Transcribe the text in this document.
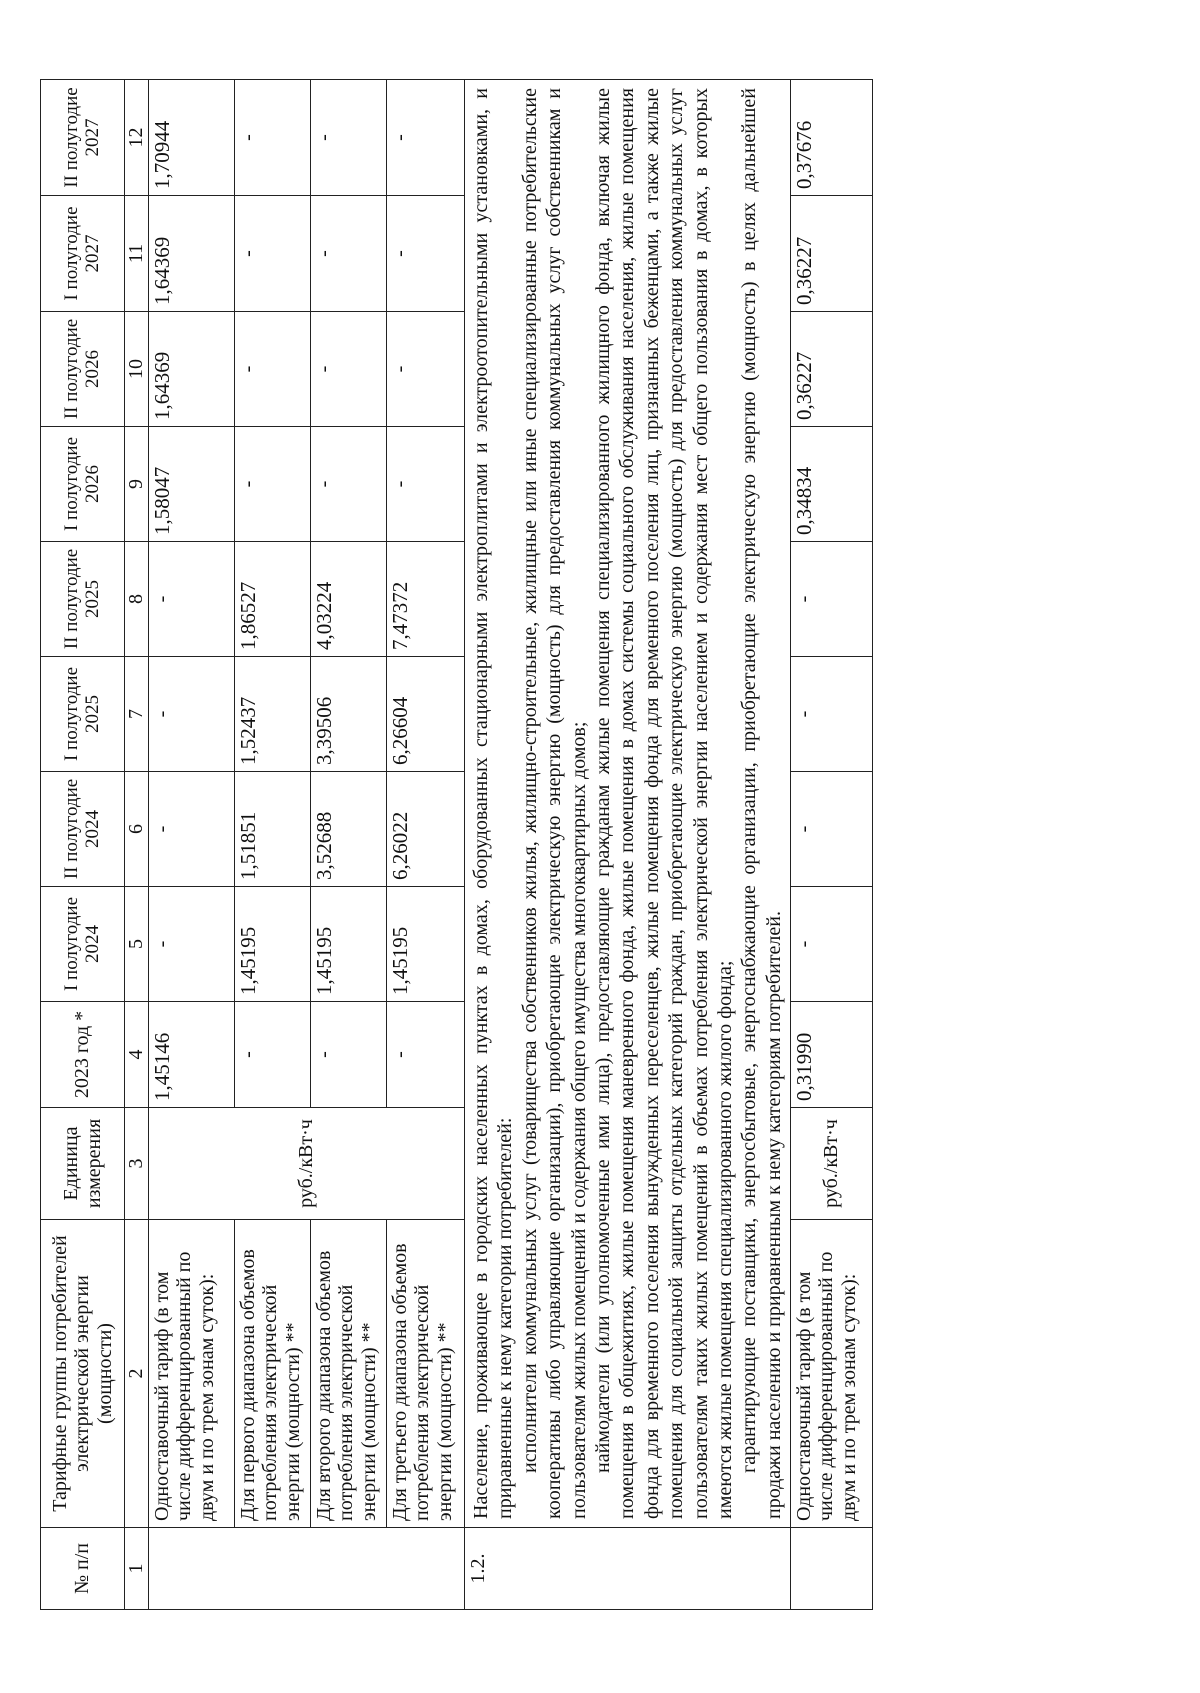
№ п/п	Тарифные группы потребителей электрической энергии (мощности)	Единица измерения	2023 год *	I полугодие 2024	II полугодие 2024	I полугодие 2025	II полугодие 2025	I полугодие 2026	II полугодие 2026	I полугодие 2027	II полугодие 2027
1	2	3	4	5	6	7	8	9	10	11	12
	Одноставочный тариф (в том числе дифференцированный по двум и по трем зонам суток):	руб./кВт·ч	1,45146	-	-	-	-	1,58047	1,64369	1,64369	1,70944
	Для первого диапазона объемов потребления электрической энергии (мощности) **		-	1,45195	1,51851	1,52437	1,86527	-	-	-	-
	Для второго диапазона объемов потребления электрической энергии (мощности) **		-	1,45195	3,52688	3,39506	4,03224	-	-	-	-
	Для третьего диапазона объемов потребления электрической энергии (мощности) **		-	1,45195	6,26022	6,26604	7,47372	-	-	-	-
1.2.	Население, проживающее в городских населенных пунктах в домах, оборудованных стационарными электроплитами и электроотопительными установками, и приравненные к нему категории потребителей: исполнители коммунальных услуг (товарищества собственников жилья, жилищно-строительные, жилищные или иные специализированные потребительские кооперативы либо управляющие организации), приобретающие электрическую энергию (мощность) для предоставления коммунальных услуг собственникам и пользователям жилых помещений и содержания общего имущества многоквартирных домов; наймодатели (или уполномоченные ими лица), предоставляющие гражданам жилые помещения специализированного жилищного фонда, включая жилые помещения в общежитиях, жилые помещения маневренного фонда, жилые помещения в домах системы социального обслуживания населения, жилые помещения фонда для временного поселения вынужденных переселенцев, жилые помещения фонда для временного поселения лиц, признанных беженцами, а также жилые помещения для социальной защиты отдельных категорий граждан, приобретающие электрическую энергию (мощность) для предоставления коммунальных услуг пользователям таких жилых помещений в объемах потребления электрической энергии населением и содержания мест общего пользования в домах, в которых имеются жилые помещения специализированного жилого фонда; гарантирующие поставщики, энергосбытовые, энергоснабжающие организации, приобретающие электрическую энергию (мощность) в целях дальнейшей продажи населению и приравненным к нему категориям потребителей.										

	Одноставочный тариф (в том числе дифференцированный по двум и по трем зонам суток):	руб./кВт·ч	0,31990	-	-	-	-	0,34834	0,36227	0,36227	0,37676
